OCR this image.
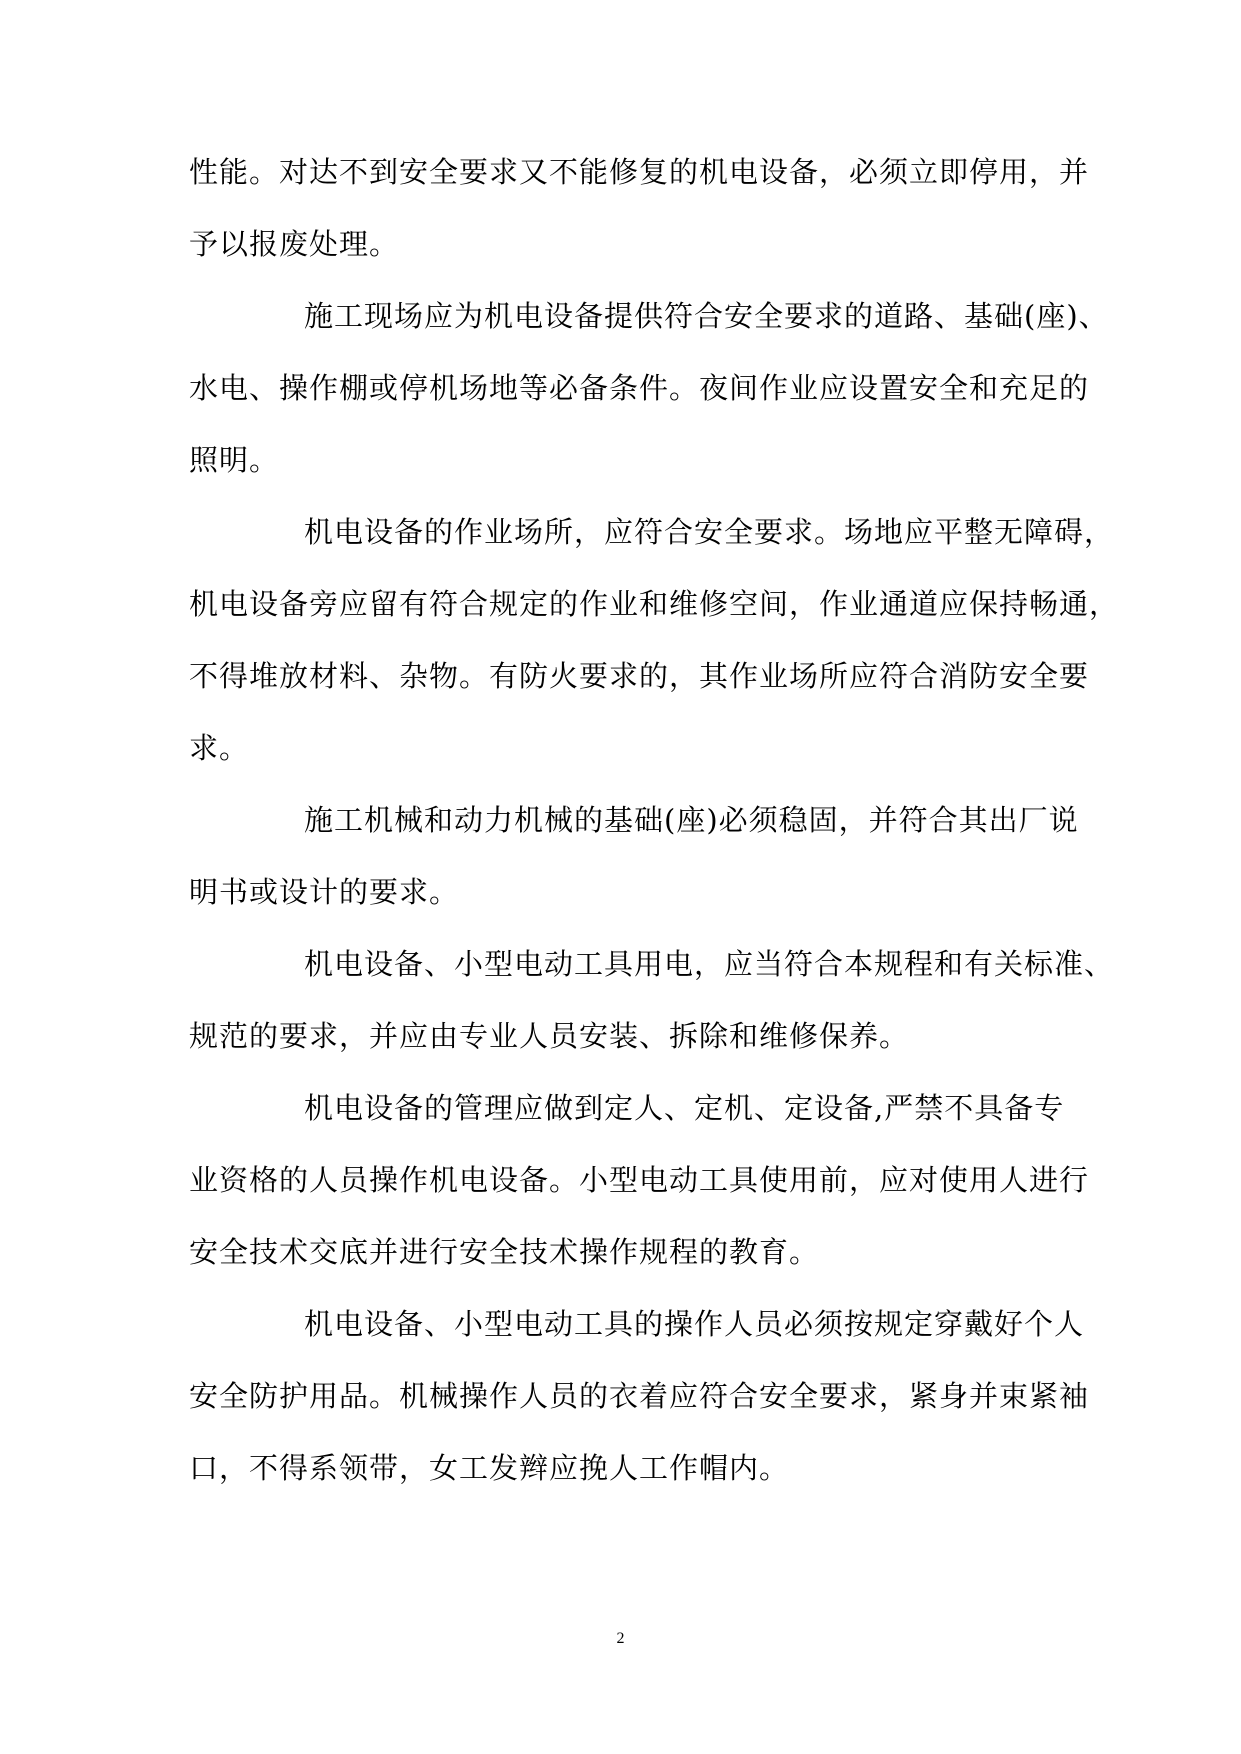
性能。对达不到安全要求又不能修复的机电设备，必须立即停用，并
予以报废处理。
施工现场应为机电设备提供符合安全要求的道路、基础(座)、
水电、操作棚或停机场地等必备条件。夜间作业应设置安全和充足的
照明。
机电设备的作业场所，应符合安全要求。场地应平整无障碍，
机电设备旁应留有符合规定的作业和维修空间，作业通道应保持畅通，
不得堆放材料、杂物。有防火要求的，其作业场所应符合消防安全要
求。
施工机械和动力机械的基础(座)必须稳固，并符合其出厂说
明书或设计的要求。
机电设备、小型电动工具用电，应当符合本规程和有关标准、
规范的要求，并应由专业人员安装、拆除和维修保养。
机电设备的管理应做到定人、定机、定设备,严禁不具备专
业资格的人员操作机电设备。小型电动工具使用前，应对使用人进行
安全技术交底并进行安全技术操作规程的教育。
机电设备、小型电动工具的操作人员必须按规定穿戴好个人
安全防护用品。机械操作人员的衣着应符合安全要求，紧身并束紧袖
口，不得系领带，女工发辫应挽人工作帽内。
2
